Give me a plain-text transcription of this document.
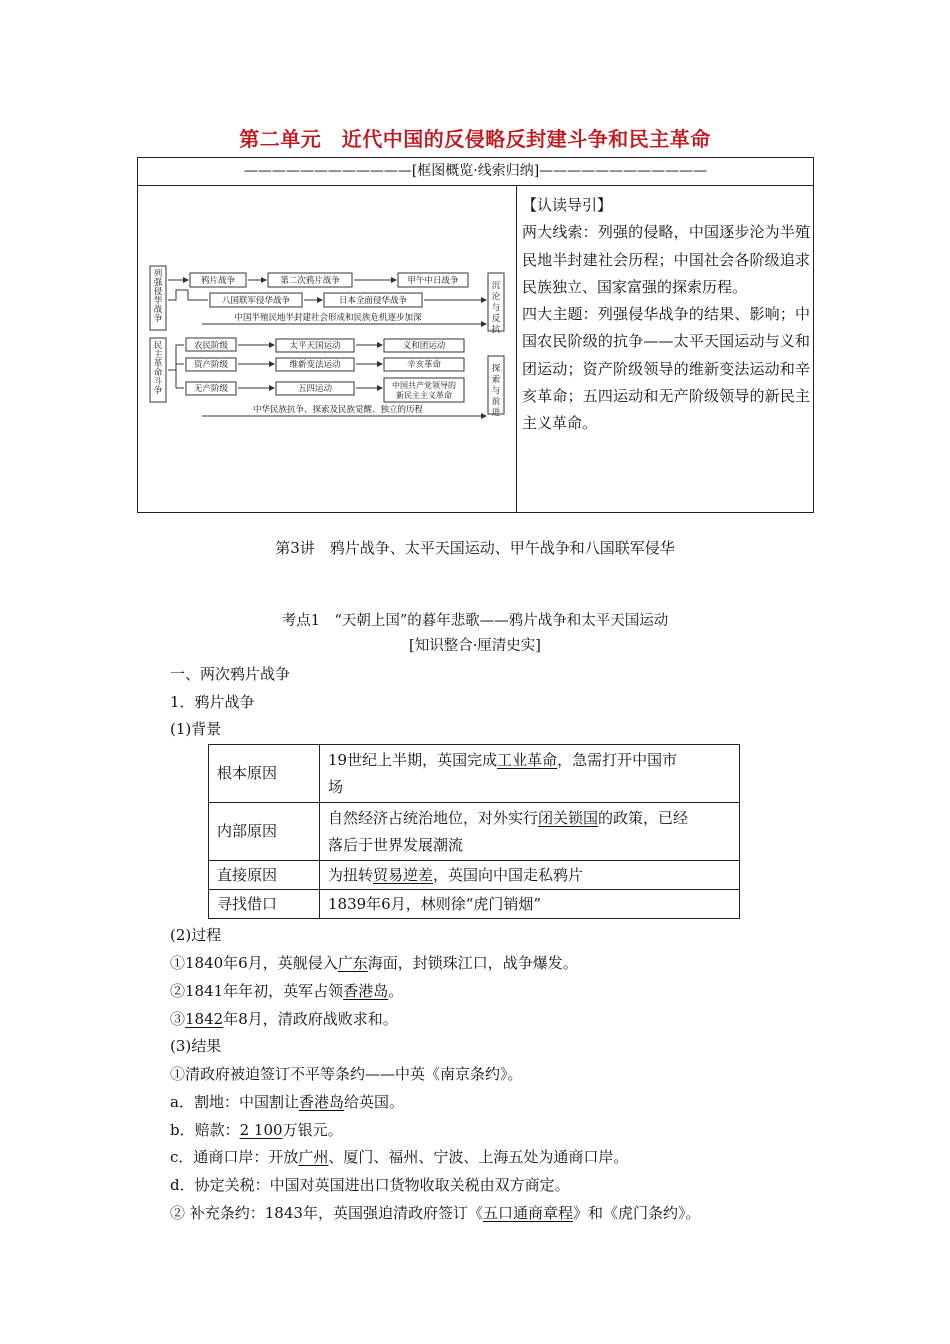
第二单元　近代中国的反侵略反封建斗争和民主革命
————————————[框图概览·线索归纳]————————————
列强侵华战争
民主革命斗争
沉沦与反抗
探索与前进
鸦片战争	第二次鸦片战争	甲午中日战争
八国联军侵华战争	日本全面侵华战争
中国半殖民地半封建社会形成和民族危机逐步加深
农民阶级
资产阶级
无产阶级
太平天国运动
维新变法运动
五四运动
义和团运动
辛亥革命
中国共产党领导的
新民主主义革命
中华民族抗争、探索及民族觉醒、独立的历程

【认读导引】

两大线索：列强的侵略，中国逐步沦为半殖民地半封建社会历程；中国社会各阶级追求民族独立、国家富强的探索历程。

四大主题：列强侵华战争的结果、影响；中国农民阶级的抗争——太平天国运动与义和团运动；资产阶级领导的维新变法运动和辛亥革命；五四运动和无产阶级领导的新民主主义革命。

第3讲　鸦片战争、太平天国运动、甲午战争和八国联军侵华
考点1　“天朝上国”的暮年悲歌——鸦片战争和太平天国运动
[知识整合·厘清史实]
一、两次鸦片战争
1．鸦片战争
(1)背景
根本原因	19世纪上半期，英国完成工业革命，急需打开中国市
场
内部原因	自然经济占统治地位，对外实行闭关锁国的政策，已经
落后于世界发展潮流
直接原因	为扭转贸易逆差，英国向中国走私鸦片
寻找借口	1839年6月，林则徐“虎门销烟”
(2)过程
①1840年6月，英舰侵入广东海面，封锁珠江口，战争爆发。
②1841年年初，英军占领香港岛。
③1842年8月，清政府战败求和。
(3)结果
①清政府被迫签订不平等条约——中英《南京条约》。
a．割地：中国割让香港岛给英国。
b．赔款：2 100万银元。
c．通商口岸：开放广州、厦门、福州、宁波、上海五处为通商口岸。
d．协定关税：中国对英国进出口货物收取关税由双方商定。
② 补充条约：1843年，英国强迫清政府签订《五口通商章程》和《虎门条约》。
